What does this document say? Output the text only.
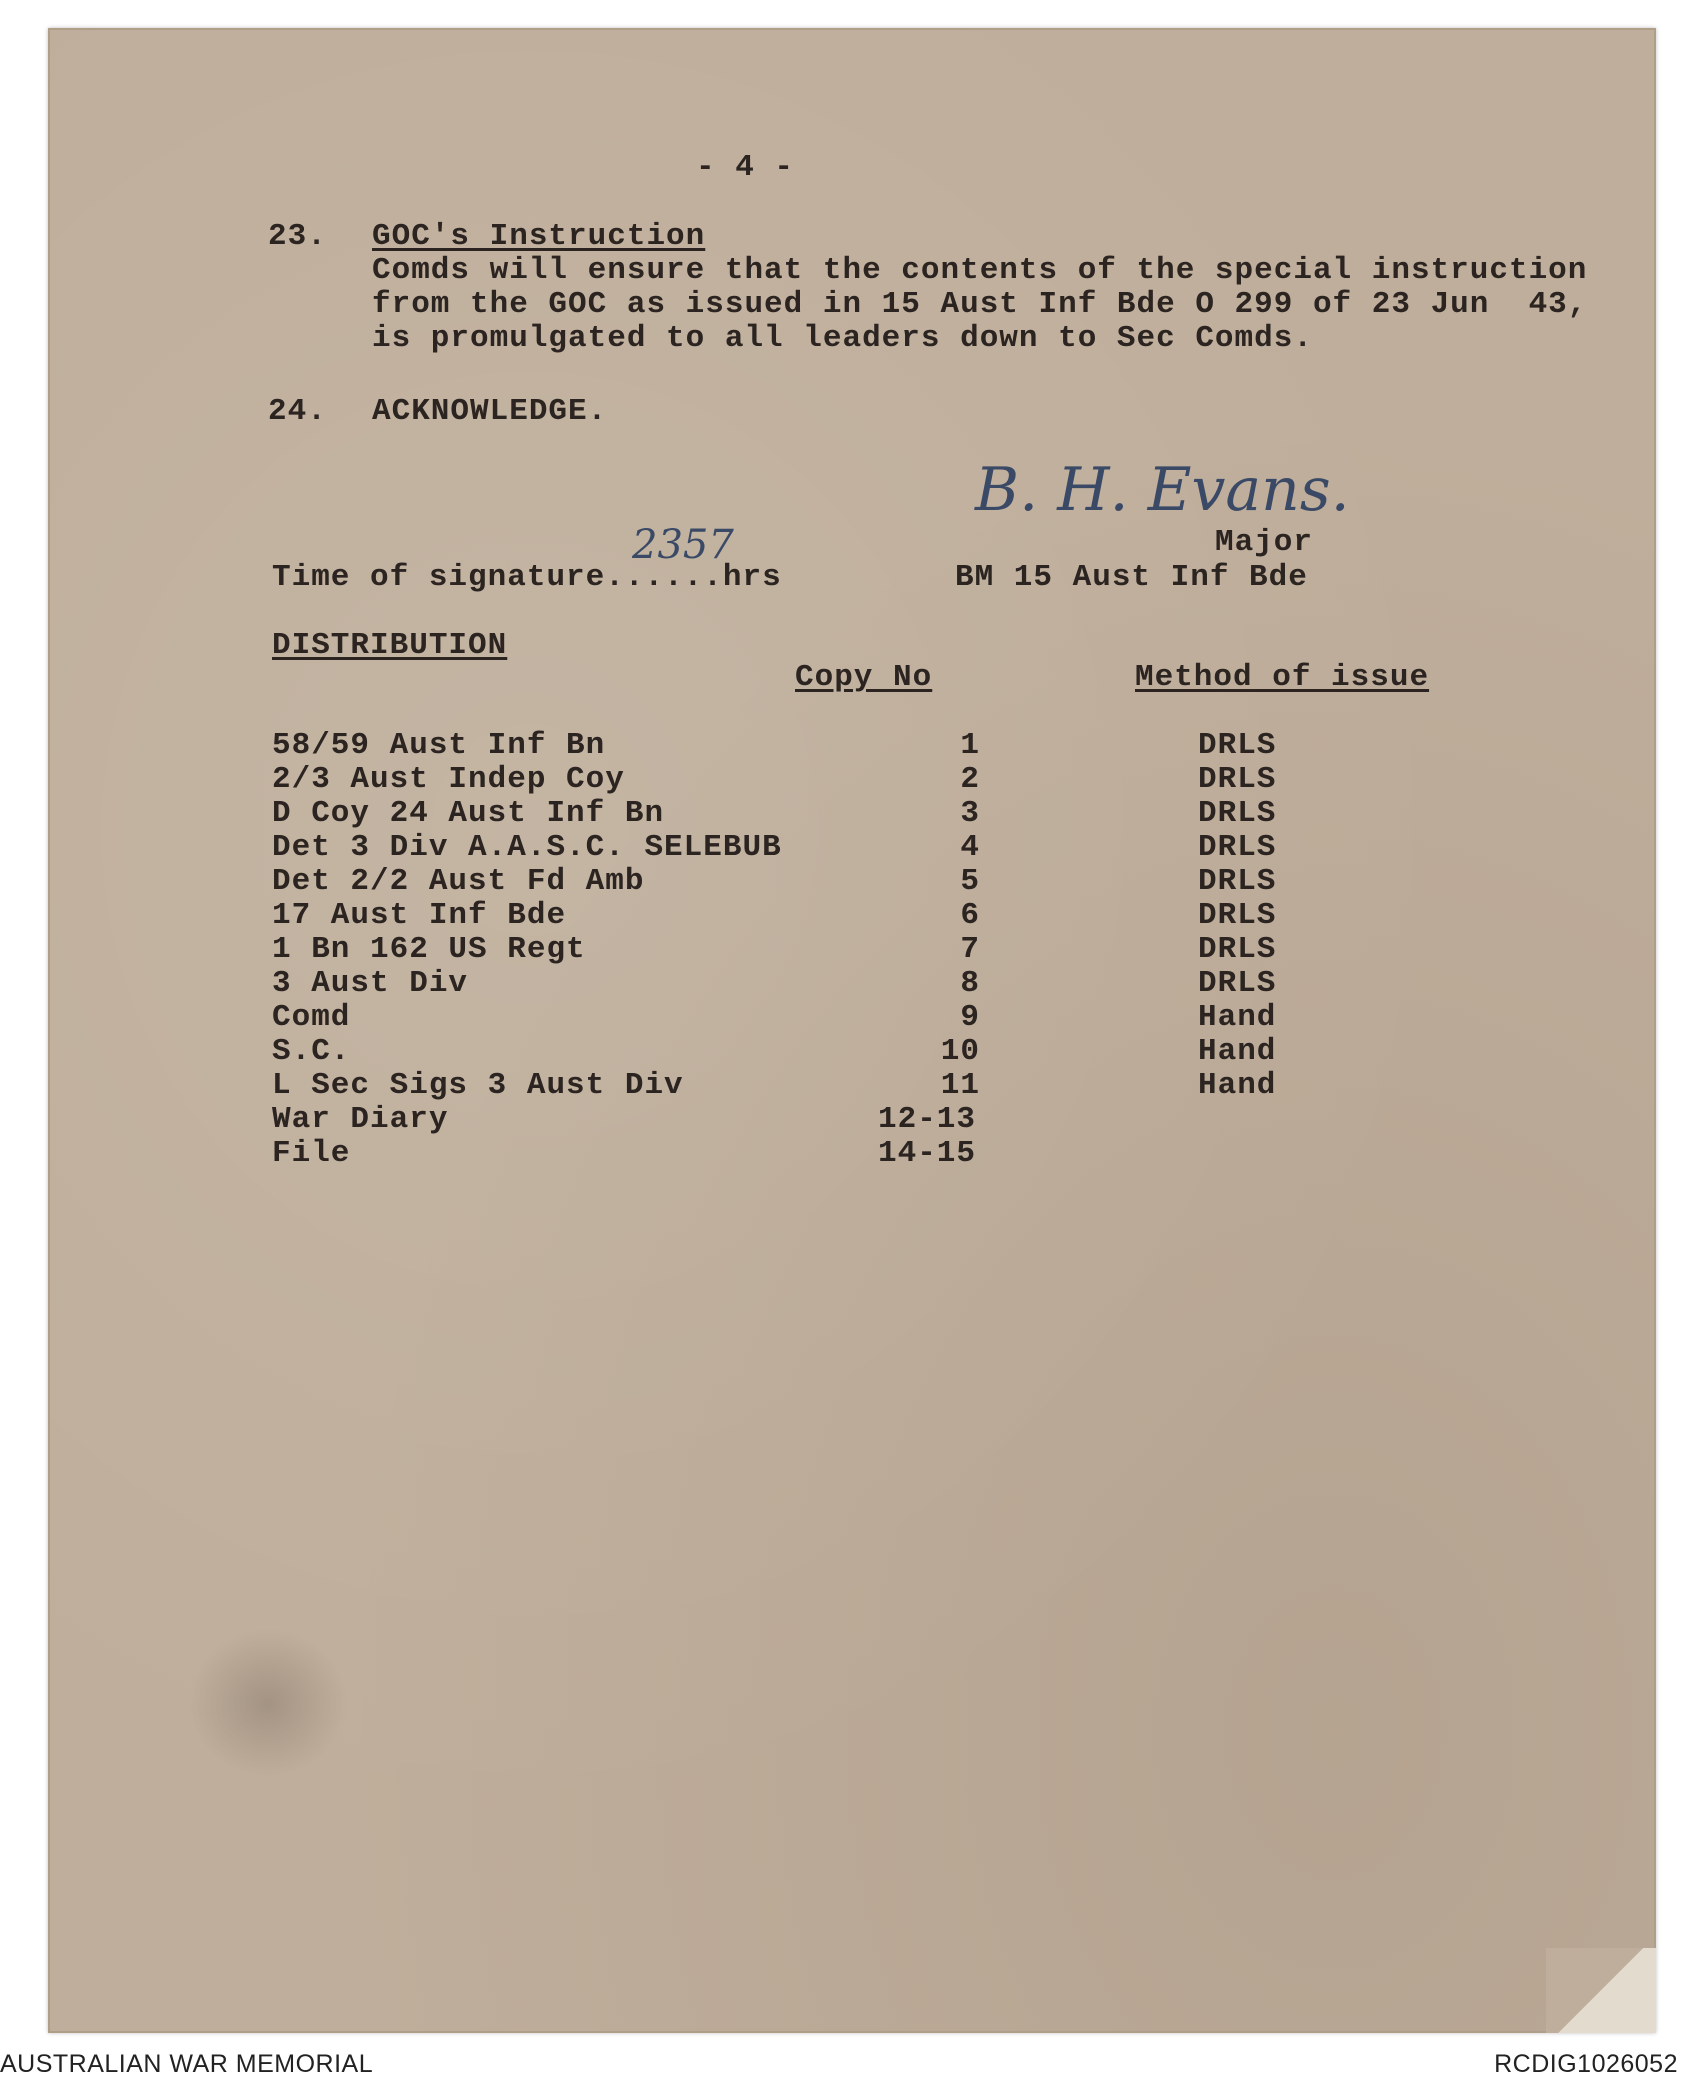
- 4 -
23. GOC's Instruction
Comds will ensure that the contents of the special instruction
from the GOC as issued in 15 Aust Inf Bde O 299 of 23 Jun  43,
is promulgated to all leaders down to Sec Comds.
24. ACKNOWLEDGE.
B. H. Evans.
Major
BM 15 Aust Inf Bde
Time of signature......hrs
2357
DISTRIBUTION
Copy No	Method of issue
58/59 Aust Inf Bn	1	DRLS
2/3 Aust Indep Coy	2	DRLS
D Coy 24 Aust Inf Bn	3	DRLS
Det 3 Div A.A.S.C. SELEBUB	4	DRLS
Det 2/2 Aust Fd Amb	5	DRLS
17 Aust Inf Bde	6	DRLS
1 Bn 162 US Regt	7	DRLS
3 Aust Div	8	DRLS
Comd	9	Hand
S.C.	10	Hand
L Sec Sigs 3 Aust Div	11	Hand
War Diary	12-13
File	14-15
AUSTRALIAN WAR MEMORIAL	RCDIG1026052
